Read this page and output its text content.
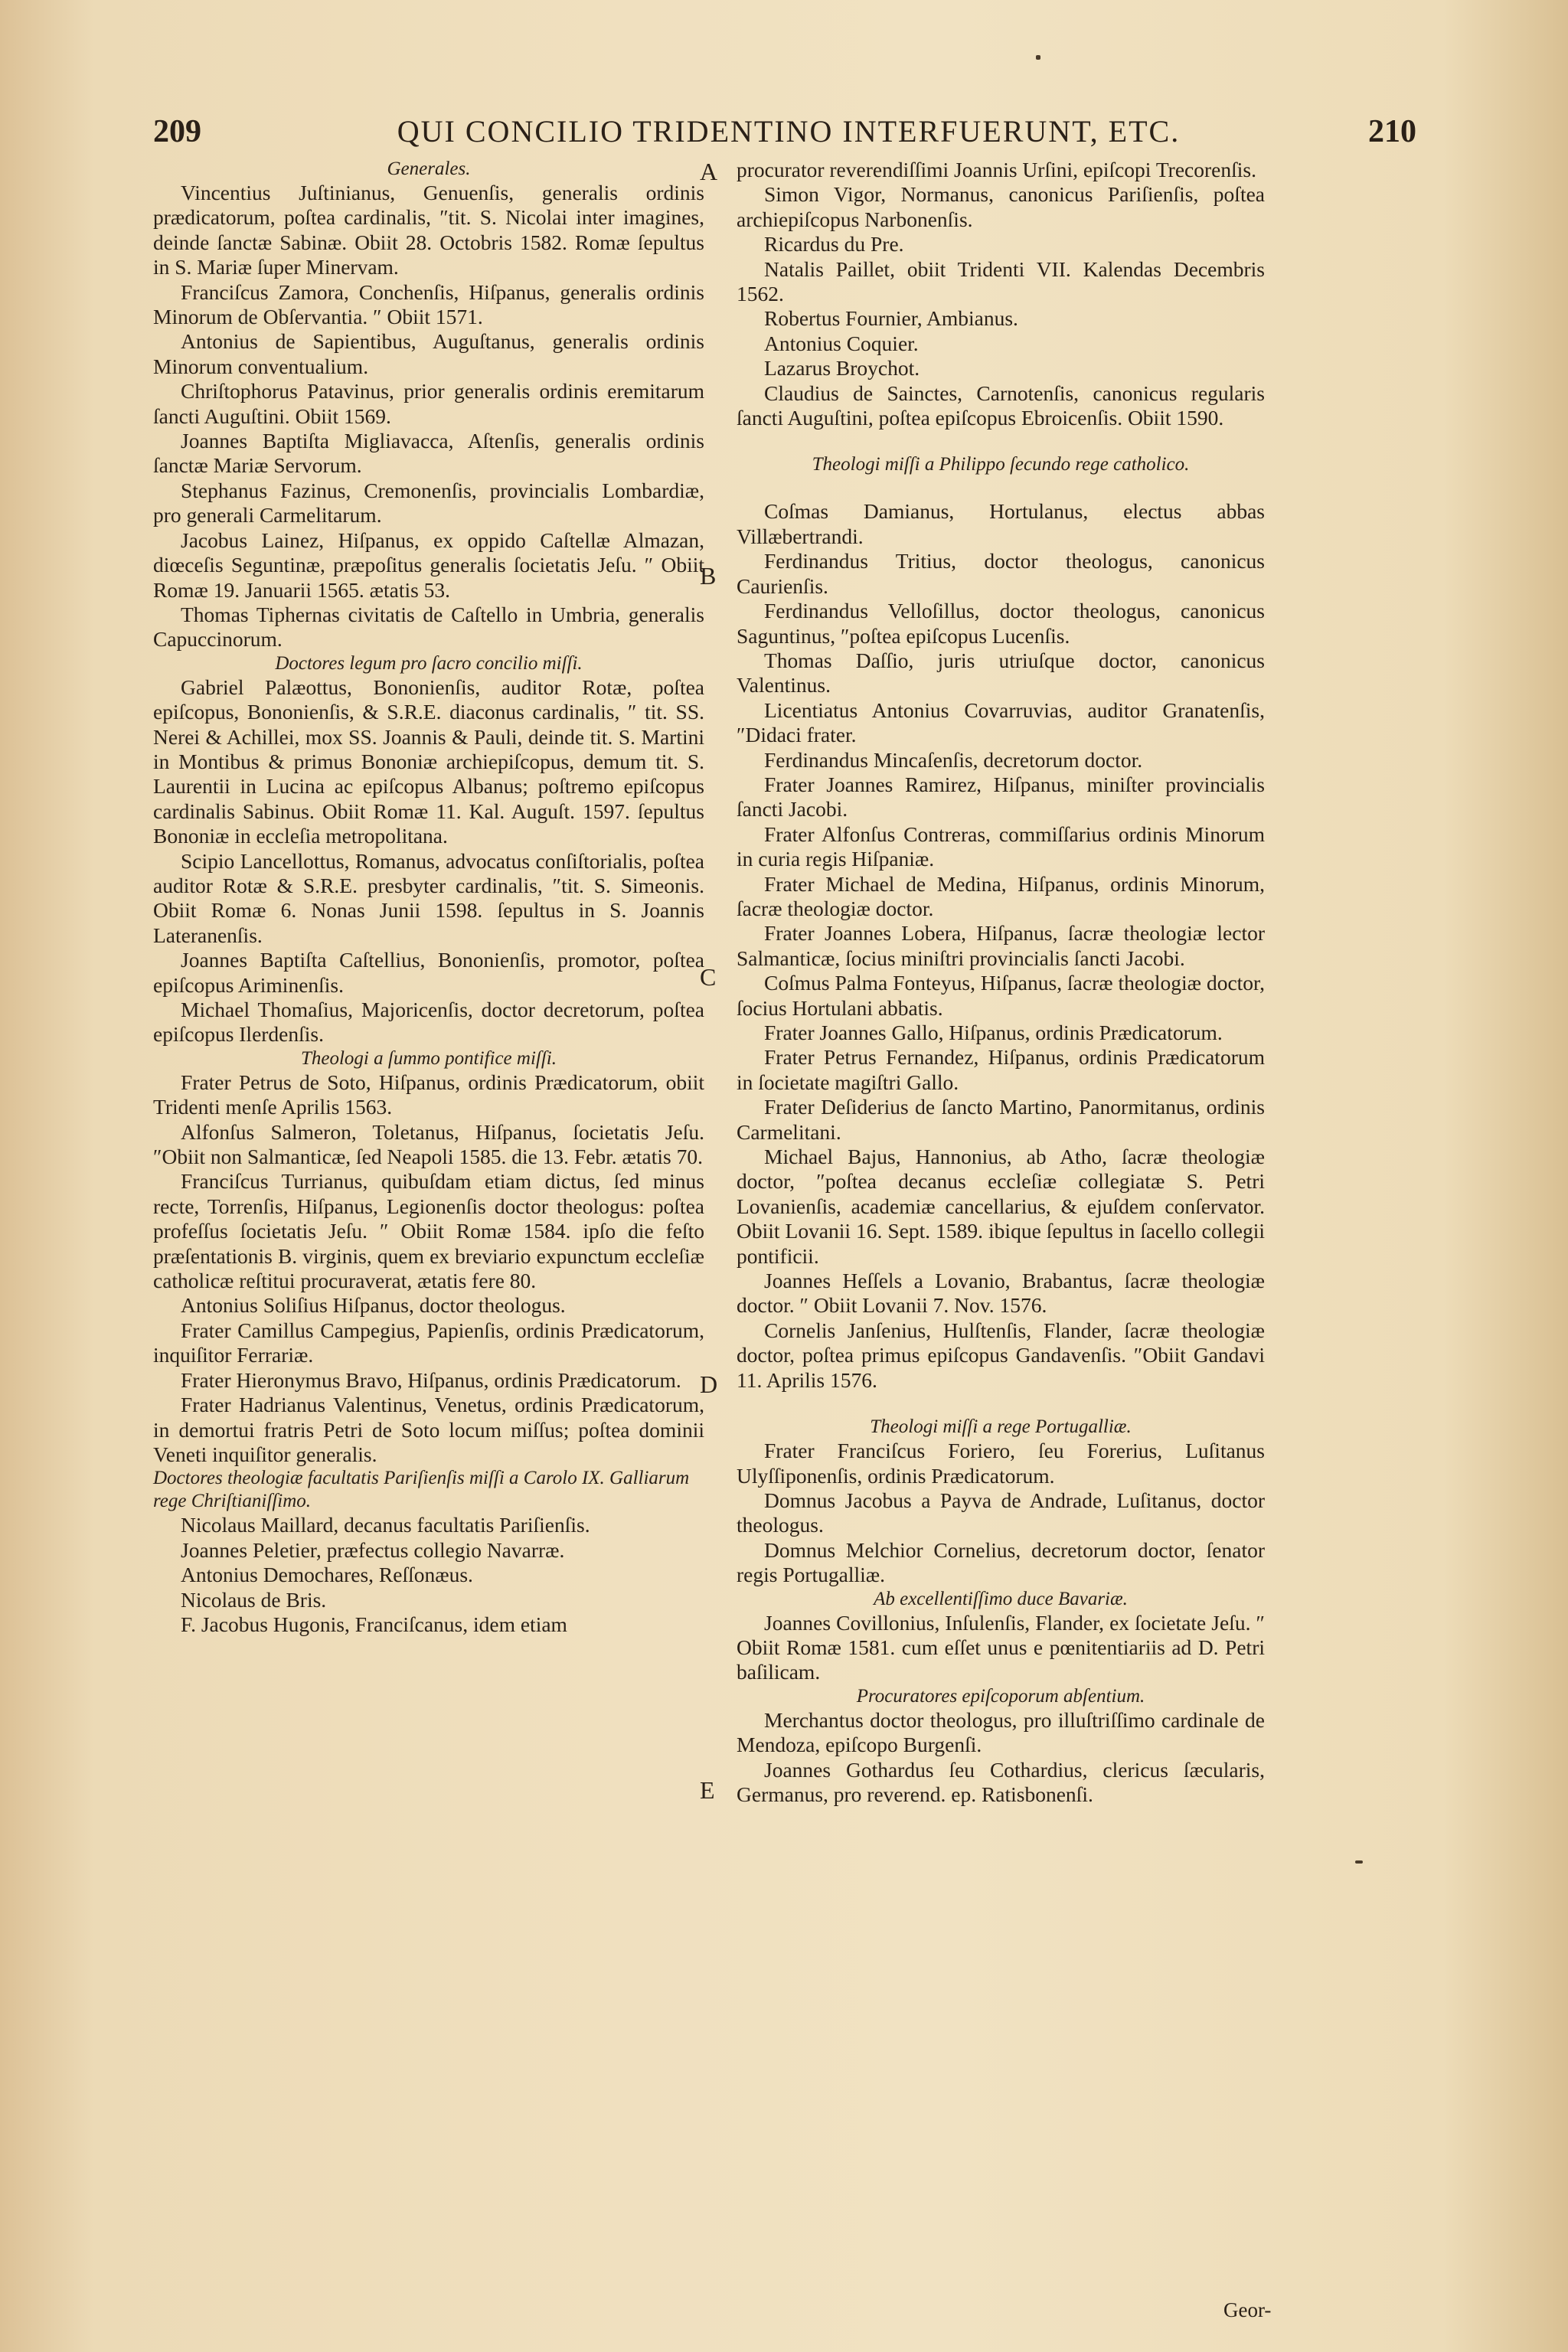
209	QUI CONCILIO TRIDENTINO INTERFUERUNT, ETC.	210
Generales.

Vincentius Juſtinianus, Genuenſis, generalis ordinis prædicatorum, poſtea cardinalis, ″tit. S. Nicolai inter imagines, deinde ſanctæ Sabinæ. Obiit 28. Octobris 1582. Romæ ſepultus in S. Mariæ ſuper Minervam.

Franciſcus Zamora, Conchenſis, Hiſpanus, generalis ordinis Minorum de Obſervantia. ″ Obiit 1571.

Antonius de Sapientibus, Auguſtanus, generalis ordinis Minorum conventualium.

Chriſtophorus Patavinus, prior generalis ordinis eremitarum ſancti Auguſtini. Obiit 1569.

Joannes Baptiſta Migliavacca, Aſtenſis, generalis ordinis ſanctæ Mariæ Servorum.

Stephanus Fazinus, Cremonenſis, provincialis Lombardiæ, pro generali Carmelitarum.

Jacobus Lainez, Hiſpanus, ex oppido Caſtellæ Almazan, diœceſis Seguntinæ, præpoſitus generalis ſocietatis Jeſu. ″ Obiit Romæ 19. Januarii 1565. ætatis 53.

Thomas Tiphernas civitatis de Caſtello in Umbria, generalis Capuccinorum.

Doctores legum pro ſacro concilio miſſi.

Gabriel Palæottus, Bononienſis, auditor Rotæ, poſtea epiſcopus, Bononienſis, & S.R.E. diaconus cardinalis, ″ tit. SS. Nerei & Achillei, mox SS. Joannis & Pauli, deinde tit. S. Martini in Montibus & primus Bononiæ archiepiſcopus, demum tit. S. Laurentii in Lucina ac epiſcopus Albanus; poſtremo epiſcopus cardinalis Sabinus. Obiit Romæ 11. Kal. Auguſt. 1597. ſepultus Bononiæ in eccleſia metropolitana.

Scipio Lancellottus, Romanus, advocatus conſiſtorialis, poſtea auditor Rotæ & S.R.E. presbyter cardinalis, ″tit. S. Simeonis. Obiit Romæ 6. Nonas Junii 1598. ſepultus in S. Joannis Lateranenſis.

Joannes Baptiſta Caſtellius, Bononienſis, promotor, poſtea epiſcopus Ariminenſis.

Michael Thomaſius, Majoricenſis, doctor decretorum, poſtea epiſcopus Ilerdenſis.

Theologi a ſummo pontifice miſſi.

Frater Petrus de Soto, Hiſpanus, ordinis Prædicatorum, obiit Tridenti menſe Aprilis 1563.

Alfonſus Salmeron, Toletanus, Hiſpanus, ſocietatis Jeſu. ″Obiit non Salmanticæ, ſed Neapoli 1585. die 13. Febr. ætatis 70.

Franciſcus Turrianus, quibuſdam etiam dictus, ſed minus recte, Torrenſis, Hiſpanus, Legionenſis doctor theologus: poſtea profeſſus ſocietatis Jeſu. ″ Obiit Romæ 1584. ipſo die feſto præſentationis B. virginis, quem ex breviario expunctum eccleſiæ catholicæ reſtitui procuraverat, ætatis fere 80.

Antonius Soliſius Hiſpanus, doctor theologus.

Frater Camillus Campegius, Papienſis, ordinis Prædicatorum, inquiſitor Ferrariæ.

Frater Hieronymus Bravo, Hiſpanus, ordinis Prædicatorum.

Frater Hadrianus Valentinus, Venetus, ordinis Prædicatorum, in demortui fratris Petri de Soto locum miſſus; poſtea dominii Veneti inquiſitor generalis.

Doctores theologiæ facultatis Pariſienſis miſſi a Carolo IX. Galliarum rege Chriſtianiſſimo.

Nicolaus Maillard, decanus facultatis Pariſienſis.

Joannes Peletier, præfectus collegio Navarræ.

Antonius Demochares, Reſſonæus.

Nicolaus de Bris.

F. Jacobus Hugonis, Franciſcanus, idem etiam

A
B
C
D
E

procurator reverendiſſimi Joannis Urſini, epiſcopi Trecorenſis.

Simon Vigor, Normanus, canonicus Pariſienſis, poſtea archiepiſcopus Narbonenſis.

Ricardus du Pre.

Natalis Paillet, obiit Tridenti VII. Kalendas Decembris 1562.

Robertus Fournier, Ambianus.

Antonius Coquier.

Lazarus Broychot.

Claudius de Sainctes, Carnotenſis, canonicus regularis ſancti Auguſtini, poſtea epiſcopus Ebroicenſis. Obiit 1590.

Theologi miſſi a Philippo ſecundo rege catholico.

Coſmas Damianus, Hortulanus, electus abbas Villæbertrandi.

Ferdinandus Tritius, doctor theologus, canonicus Caurienſis.

Ferdinandus Velloſillus, doctor theologus, canonicus Saguntinus, ″poſtea epiſcopus Lucenſis.

Thomas Daſſio, juris utriuſque doctor, canonicus Valentinus.

Licentiatus Antonius Covarruvias, auditor Granatenſis, ″Didaci frater.

Ferdinandus Mincaſenſis, decretorum doctor.

Frater Joannes Ramirez, Hiſpanus, miniſter provincialis ſancti Jacobi.

Frater Alfonſus Contreras, commiſſarius ordinis Minorum in curia regis Hiſpaniæ.

Frater Michael de Medina, Hiſpanus, ordinis Minorum, ſacræ theologiæ doctor.

Frater Joannes Lobera, Hiſpanus, ſacræ theologiæ lector Salmanticæ, ſocius miniſtri provincialis ſancti Jacobi.

Coſmus Palma Fonteyus, Hiſpanus, ſacræ theologiæ doctor, ſocius Hortulani abbatis.

Frater Joannes Gallo, Hiſpanus, ordinis Prædicatorum.

Frater Petrus Fernandez, Hiſpanus, ordinis Prædicatorum in ſocietate magiſtri Gallo.

Frater Deſiderius de ſancto Martino, Panormitanus, ordinis Carmelitani.

Michael Bajus, Hannonius, ab Atho, ſacræ theologiæ doctor, ″poſtea decanus eccleſiæ collegiatæ S. Petri Lovanienſis, academiæ cancellarius, & ejuſdem conſervator. Obiit Lovanii 16. Sept. 1589. ibique ſepultus in ſacello collegii pontificii.

Joannes Heſſels a Lovanio, Brabantus, ſacræ theologiæ doctor. ″ Obiit Lovanii 7. Nov. 1576.

Cornelis Janſenius, Hulſtenſis, Flander, ſacræ theologiæ doctor, poſtea primus epiſcopus Gandavenſis. ″Obiit Gandavi 11. Aprilis 1576.

Theologi miſſi a rege Portugalliæ.

Frater Franciſcus Foriero, ſeu Forerius, Luſitanus Ulyſſiponenſis, ordinis Prædicatorum.

Domnus Jacobus a Payva de Andrade, Luſitanus, doctor theologus.

Domnus Melchior Cornelius, decretorum doctor, ſenator regis Portugalliæ.

Ab excellentiſſimo duce Bavariæ.

Joannes Covillonius, Inſulenſis, Flander, ex ſocietate Jeſu. ″ Obiit Romæ 1581. cum eſſet unus e pœnitentiariis ad D. Petri baſilicam.

Procuratores epiſcoporum abſentium.

Merchantus doctor theologus, pro illuſtriſſimo cardinale de Mendoza, epiſcopo Burgenſi.

Joannes Gothardus ſeu Cothardius, clericus ſæcularis, Germanus, pro reverend. ep. Ratisbonenſi.

Geor-
